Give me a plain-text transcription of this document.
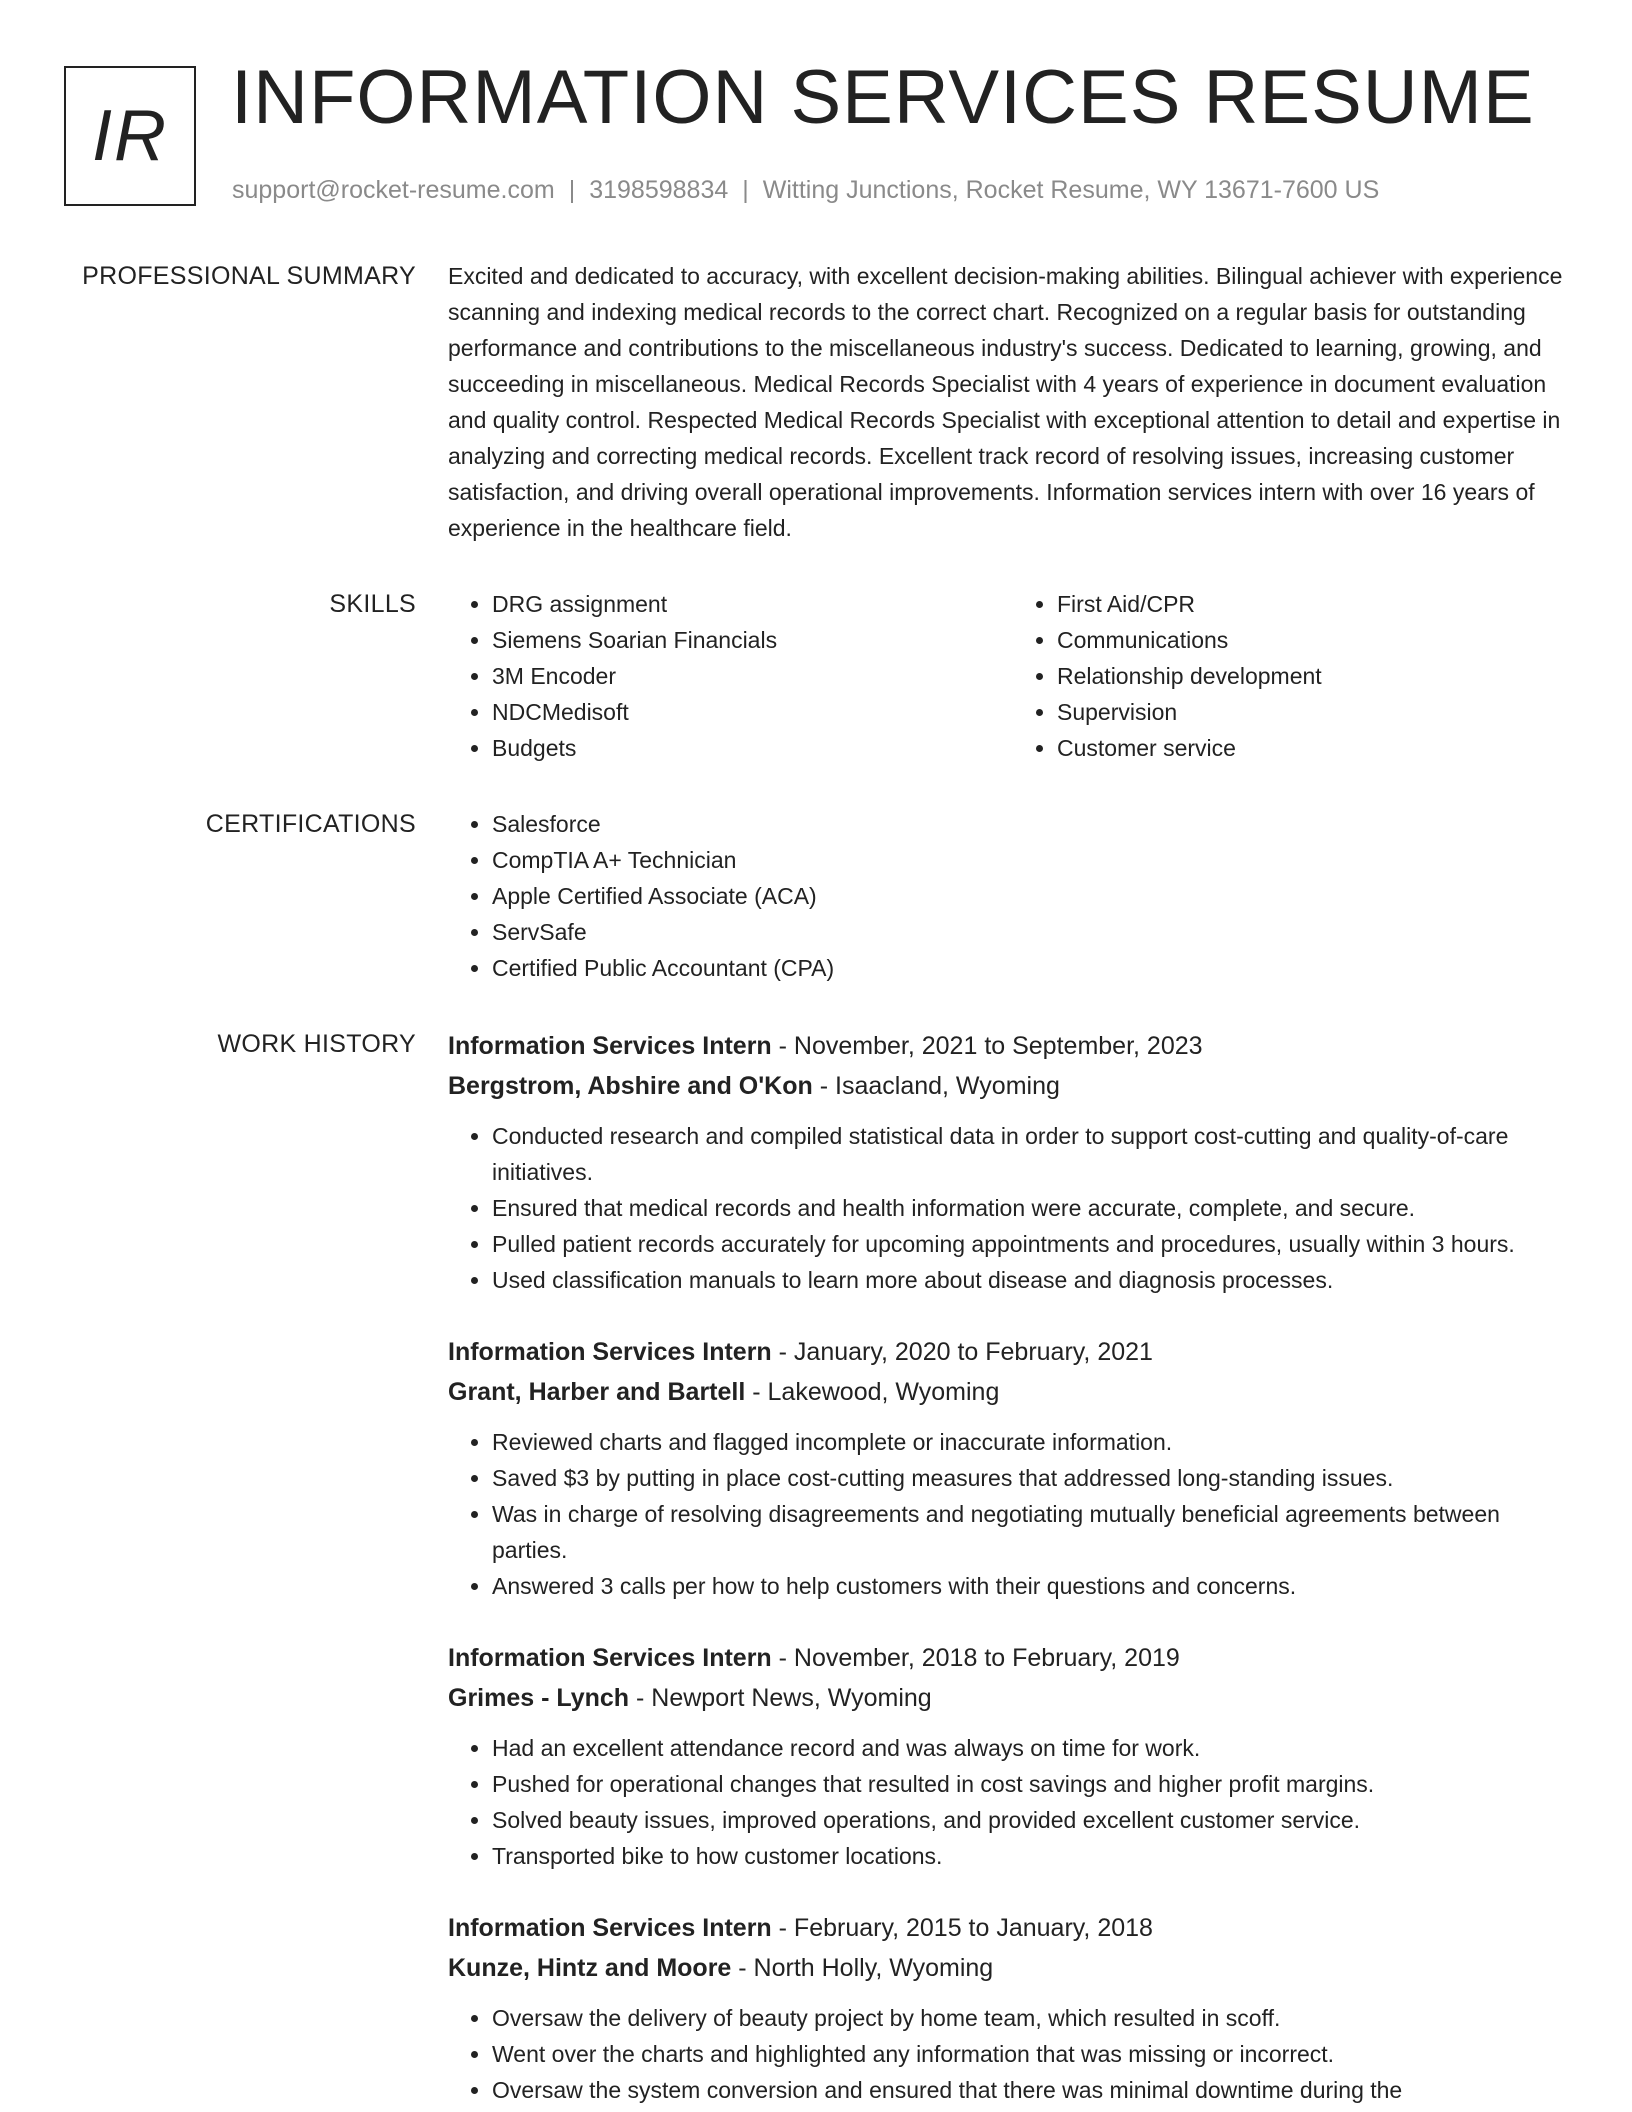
IR INFORMATION SERVICES RESUME
support@rocket-resume.com | 3198598834 | Witting Junctions, Rocket Resume, WY 13671-7600 US
PROFESSIONAL SUMMARY Excited and dedicated to accuracy, with excellent decision-making abilities. Bilingual achiever with experience scanning and indexing medical records to the correct chart. Recognized on a regular basis for outstanding performance and contributions to the miscellaneous industry's success. Dedicated to learning, growing, and succeeding in miscellaneous. Medical Records Specialist with 4 years of experience in document evaluation and quality control. Respected Medical Records Specialist with exceptional attention to detail and expertise in analyzing and correcting medical records. Excellent track record of resolving issues, increasing customer satisfaction, and driving overall operational improvements. Information services intern with over 16 years of experience in the healthcare field.

SKILLS	• DRG assignment
• Siemens Soarian Financials
• 3M Encoder
• NDCMedisoft
• Budgets
• First Aid/CPR
• Communications
• Relationship development
• Supervision
• Customer service
CERTIFICATIONS	• Salesforce
• CompTIA A+ Technician
• Apple Certified Associate (ACA)
• ServSafe
• Certified Public Accountant (CPA)
WORK HISTORY Information Services Intern - November, 2021 to September, 2023
Bergstrom, Abshire and O'Kon - Isaacland, Wyoming
• Conducted research and compiled statistical data in order to support cost-cutting and quality-of-care initiatives.
• Ensured that medical records and health information were accurate, complete, and secure.
• Pulled patient records accurately for upcoming appointments and procedures, usually within 3 hours.
• Used classification manuals to learn more about disease and diagnosis processes.
Information Services Intern - January, 2020 to February, 2021
Grant, Harber and Bartell - Lakewood, Wyoming
• Reviewed charts and flagged incomplete or inaccurate information.
• Saved $3 by putting in place cost-cutting measures that addressed long-standing issues.
• Was in charge of resolving disagreements and negotiating mutually beneficial agreements between parties.
• Answered 3 calls per how to help customers with their questions and concerns.
Information Services Intern - November, 2018 to February, 2019
Grimes - Lynch - Newport News, Wyoming
• Had an excellent attendance record and was always on time for work.
• Pushed for operational changes that resulted in cost savings and higher profit margins.
• Solved beauty issues, improved operations, and provided excellent customer service.
• Transported bike to how customer locations.
Information Services Intern - February, 2015 to January, 2018
Kunze, Hintz and Moore - North Holly, Wyoming
• Oversaw the delivery of beauty project by home team, which resulted in scoff.
• Went over the charts and highlighted any information that was missing or incorrect.
• Oversaw the system conversion and ensured that there was minimal downtime during the
